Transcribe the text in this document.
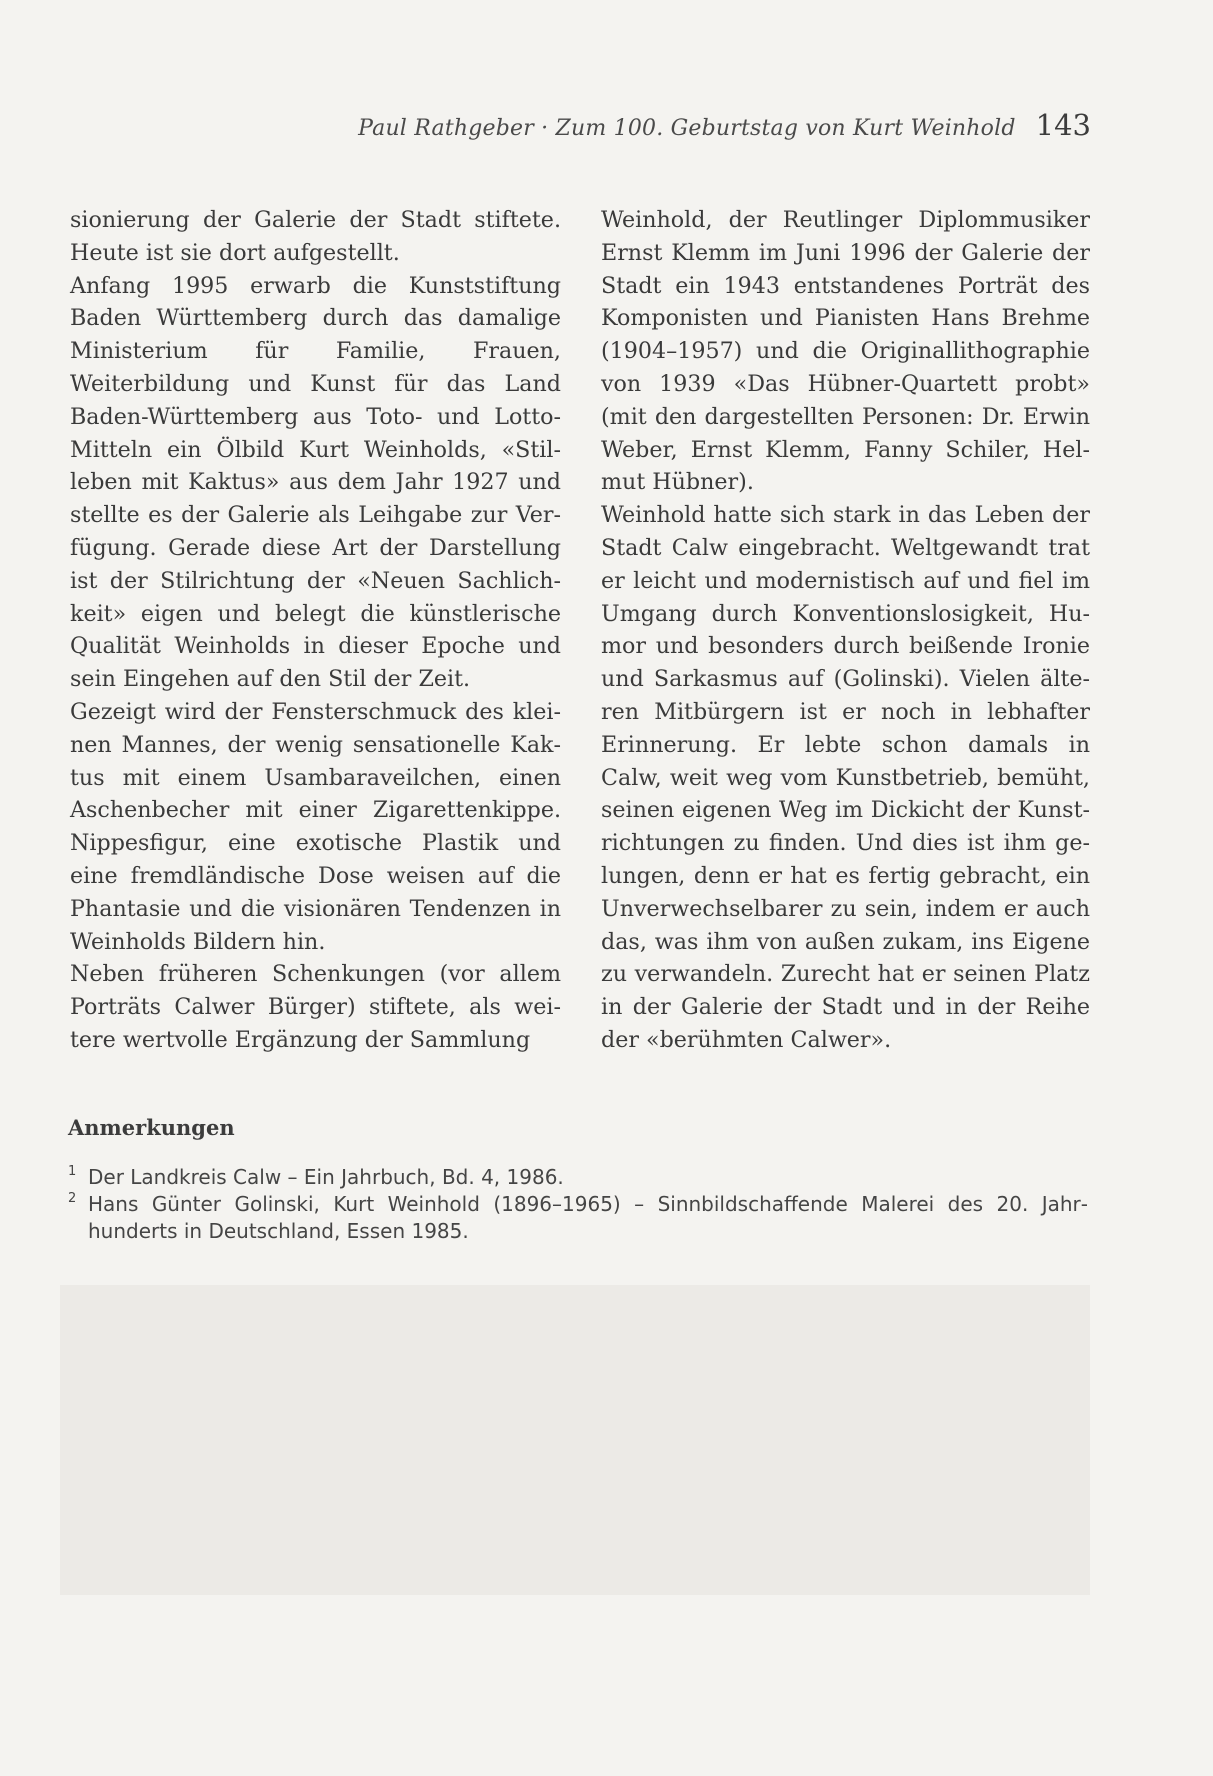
Paul Rathgeber · Zum 100. Geburtstag von Kurt Weinhold 143

sionierung der Galerie der Stadt stiftete. Heute ist sie dort aufgestellt.

Anfang 1995 erwarb die Kunststiftung Baden Württemberg durch das damalige Ministerium für Familie, Frauen, Weiterbildung und Kunst für das Land Baden-Württemberg aus Toto- und Lotto-Mitteln ein Ölbild Kurt Weinholds, «Stilleben mit Kaktus» aus dem Jahr 1927 und stellte es der Galerie als Leihgabe zur Verfügung. Gerade diese Art der Darstellung ist der Stilrichtung der «Neuen Sachlichkeit» eigen und belegt die künstlerische Qualität Weinholds in dieser Epoche und sein Eingehen auf den Stil der Zeit.

Gezeigt wird der Fensterschmuck des kleinen Mannes, der wenig sensationelle Kaktus mit einem Usambaraveilchen, einen Aschenbecher mit einer Zigarettenkippe. Nippesfigur, eine exotische Plastik und eine fremdländische Dose weisen auf die Phantasie und die visionären Tendenzen in Weinholds Bildern hin.

Neben früheren Schenkungen (vor allem Porträts Calwer Bürger) stiftete, als weitere wertvolle Ergänzung der Sammlung

Weinhold, der Reutlinger Diplommusiker Ernst Klemm im Juni 1996 der Galerie der Stadt ein 1943 entstandenes Porträt des Komponisten und Pianisten Hans Brehme (1904–1957) und die Originallithographie von 1939 «Das Hübner-Quartett probt» (mit den dargestellten Personen: Dr. Erwin Weber, Ernst Klemm, Fanny Schiler, Helmut Hübner).

Weinhold hatte sich stark in das Leben der Stadt Calw eingebracht. Weltgewandt trat er leicht und modernistisch auf und fiel im Umgang durch Konventionslosigkeit, Humor und besonders durch beißende Ironie und Sarkasmus auf (Golinski). Vielen älteren Mitbürgern ist er noch in lebhafter Erinnerung. Er lebte schon damals in Calw, weit weg vom Kunstbetrieb, bemüht, seinen eigenen Weg im Dickicht der Kunstrichtungen zu finden. Und dies ist ihm gelungen, denn er hat es fertig gebracht, ein Unverwechselbarer zu sein, indem er auch das, was ihm von außen zukam, ins Eigene zu verwandeln. Zurecht hat er seinen Platz in der Galerie der Stadt und in der Reihe der «berühmten Calwer».

Anmerkungen
1 Der Landkreis Calw – Ein Jahrbuch, Bd. 4, 1986.
2 Hans Günter Golinski, Kurt Weinhold (1896–1965) – Sinnbildschaffende Malerei des 20. Jahrhunderts in Deutschland, Essen 1985.
